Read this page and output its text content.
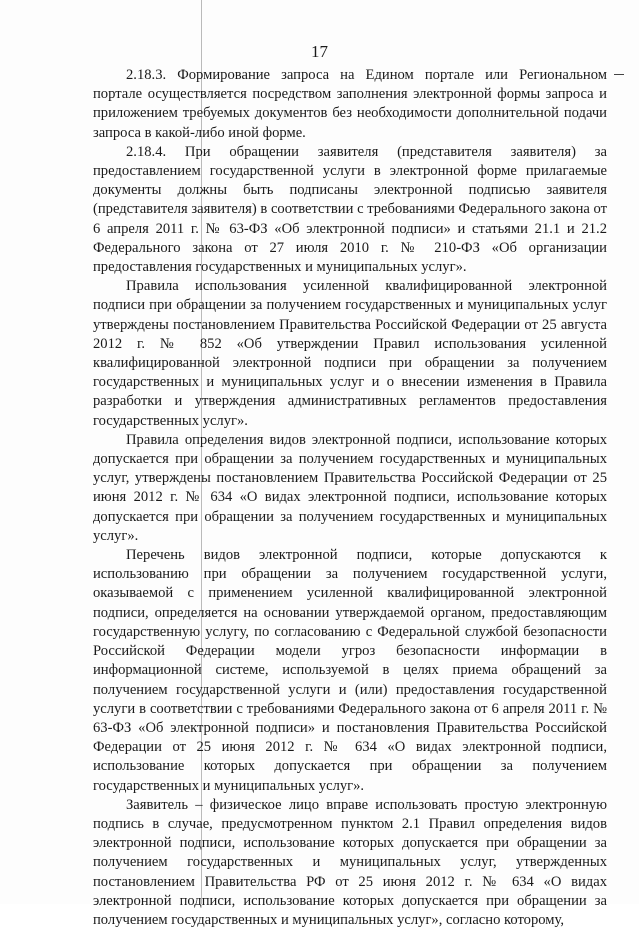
17

2.18.3. Формирование запроса на Едином портале или Региональном портале осуществляется посредством заполнения электронной формы запроса и приложением требуемых документов без необходимости дополнительной подачи запроса в какой-либо иной форме.

2.18.4. При обращении заявителя (представителя заявителя) за предоставлением государственной услуги в электронной форме прилагаемые документы должны быть подписаны электронной подписью заявителя (представителя заявителя) в соответствии с требованиями Федерального закона от 6 апреля 2011 г. № 63-ФЗ «Об электронной подписи» и статьями 21.1 и 21.2 Федерального закона от 27 июля 2010 г. № 210-ФЗ «Об организации предоставления государственных и муниципальных услуг».

Правила использования усиленной квалифицированной электронной подписи при обращении за получением государственных и муниципальных услуг утверждены постановлением Правительства Российской Федерации от 25 августа 2012 г. № 852 «Об утверждении Правил использования усиленной квалифицированной электронной подписи при обращении за получением государственных и муниципальных услуг и о внесении изменения в Правила разработки и утверждения административных регламентов предоставления государственных услуг».

Правила определения видов электронной подписи, использование которых допускается при обращении за получением государственных и муниципальных услуг, утверждены постановлением Правительства Российской Федерации от 25 июня 2012 г. № 634 «О видах электронной подписи, использование которых допускается при обращении за получением государственных и муниципальных услуг».

Перечень видов электронной подписи, которые допускаются к использованию при обращении за получением государственной услуги, оказываемой с применением усиленной квалифицированной электронной подписи, определяется на основании утверждаемой органом, предоставляющим государственную услугу, по согласованию с Федеральной службой безопасности Российской Федерации модели угроз безопасности информации в информационной системе, используемой в целях приема обращений за получением государственной услуги и (или) предоставления государственной услуги в соответствии с требованиями Федерального закона от 6 апреля 2011 г. № 63-ФЗ «Об электронной подписи» и постановления Правительства Российской Федерации от 25 июня 2012 г. № 634 «О видах электронной подписи, использование которых допускается при обращении за получением государственных и муниципальных услуг».

Заявитель – физическое лицо вправе использовать простую электронную подпись в случае, предусмотренном пунктом 2.1 Правил определения видов электронной подписи, использование которых допускается при обращении за получением государственных и муниципальных услуг, утвержденных постановлением Правительства РФ от 25 июня 2012 г. № 634 «О видах электронной подписи, использование которых допускается при обращении за получением государственных и муниципальных услуг», согласно которому,
